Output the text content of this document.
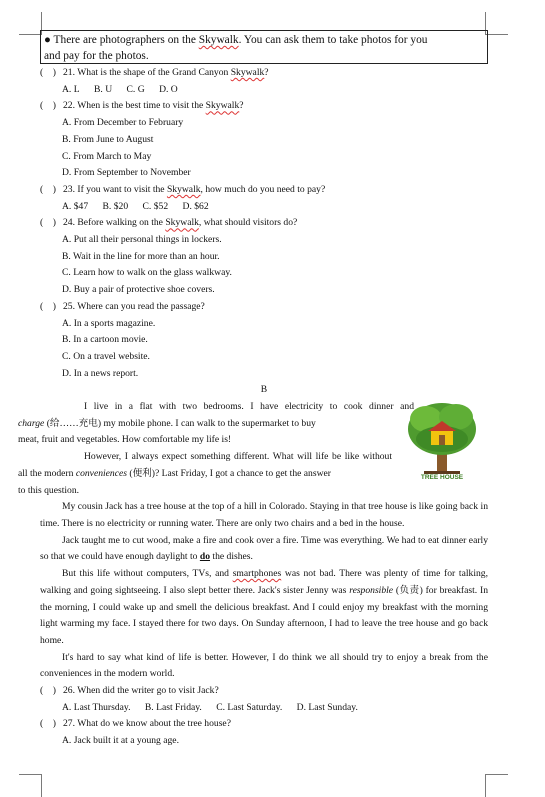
● There are photographers on the Skywalk. You can ask them to take photos for you
and pay for the photos.
(　) 21. What is the shape of the Grand Canyon Skywalk?
A. L B. U C. G D. O
(　) 22. When is the best time to visit the Skywalk?
A. From December to February
B. From June to August
C. From March to May
D. From September to November
(　) 23. If you want to visit the Skywalk, how much do you need to pay?
A. $47 B. $20 C. $52 D. $62
(　) 24. Before walking on the Skywalk, what should visitors do?
A. Put all their personal things in lockers.
B. Wait in the line for more than an hour.
C. Learn how to walk on the glass walkway.
D. Buy a pair of protective shoe covers.
(　) 25. Where can you read the passage?
A. In a sports magazine.
B. In a cartoon movie.
C. On a travel website.
D. In a news report.
B
TREE HOUSE

I live in a flat with two bedrooms. I have electricity to cook dinner and
charge (给……充电) my mobile phone. I can walk to the supermarket to buy
meat, fruit and vegetables. How comfortable my life is!

However, I always expect something different. What will life be like without
all the modern conveniences (便利)? Last Friday, I got a chance to get the answer
to this question.

My cousin Jack has a tree house at the top of a hill in Colorado. Staying in that tree house is like going back in time. There is no electricity or running water. There are only two chairs and a bed in the house.

Jack taught me to cut wood, make a fire and cook over a fire. Time was everything. We had to eat dinner early so that we could have enough daylight to do the dishes.

But this life without computers, TVs, and smartphones was not bad. There was plenty of time for talking, walking and going sightseeing. I also slept better there. Jack's sister Jenny was responsible (负责) for breakfast. In the morning, I could wake up and smell the delicious breakfast. And I could enjoy my breakfast with the morning light warming my face. I stayed there for two days. On Sunday afternoon, I had to leave the tree house and go back home.

It's hard to say what kind of life is better. However, I do think we all should try to enjoy a break from the conveniences in the modern world.

(　) 26. When did the writer go to visit Jack?
A. Last Thursday. B. Last Friday. C. Last Saturday. D. Last Sunday.
(　) 27. What do we know about the tree house?
A. Jack built it at a young age.
